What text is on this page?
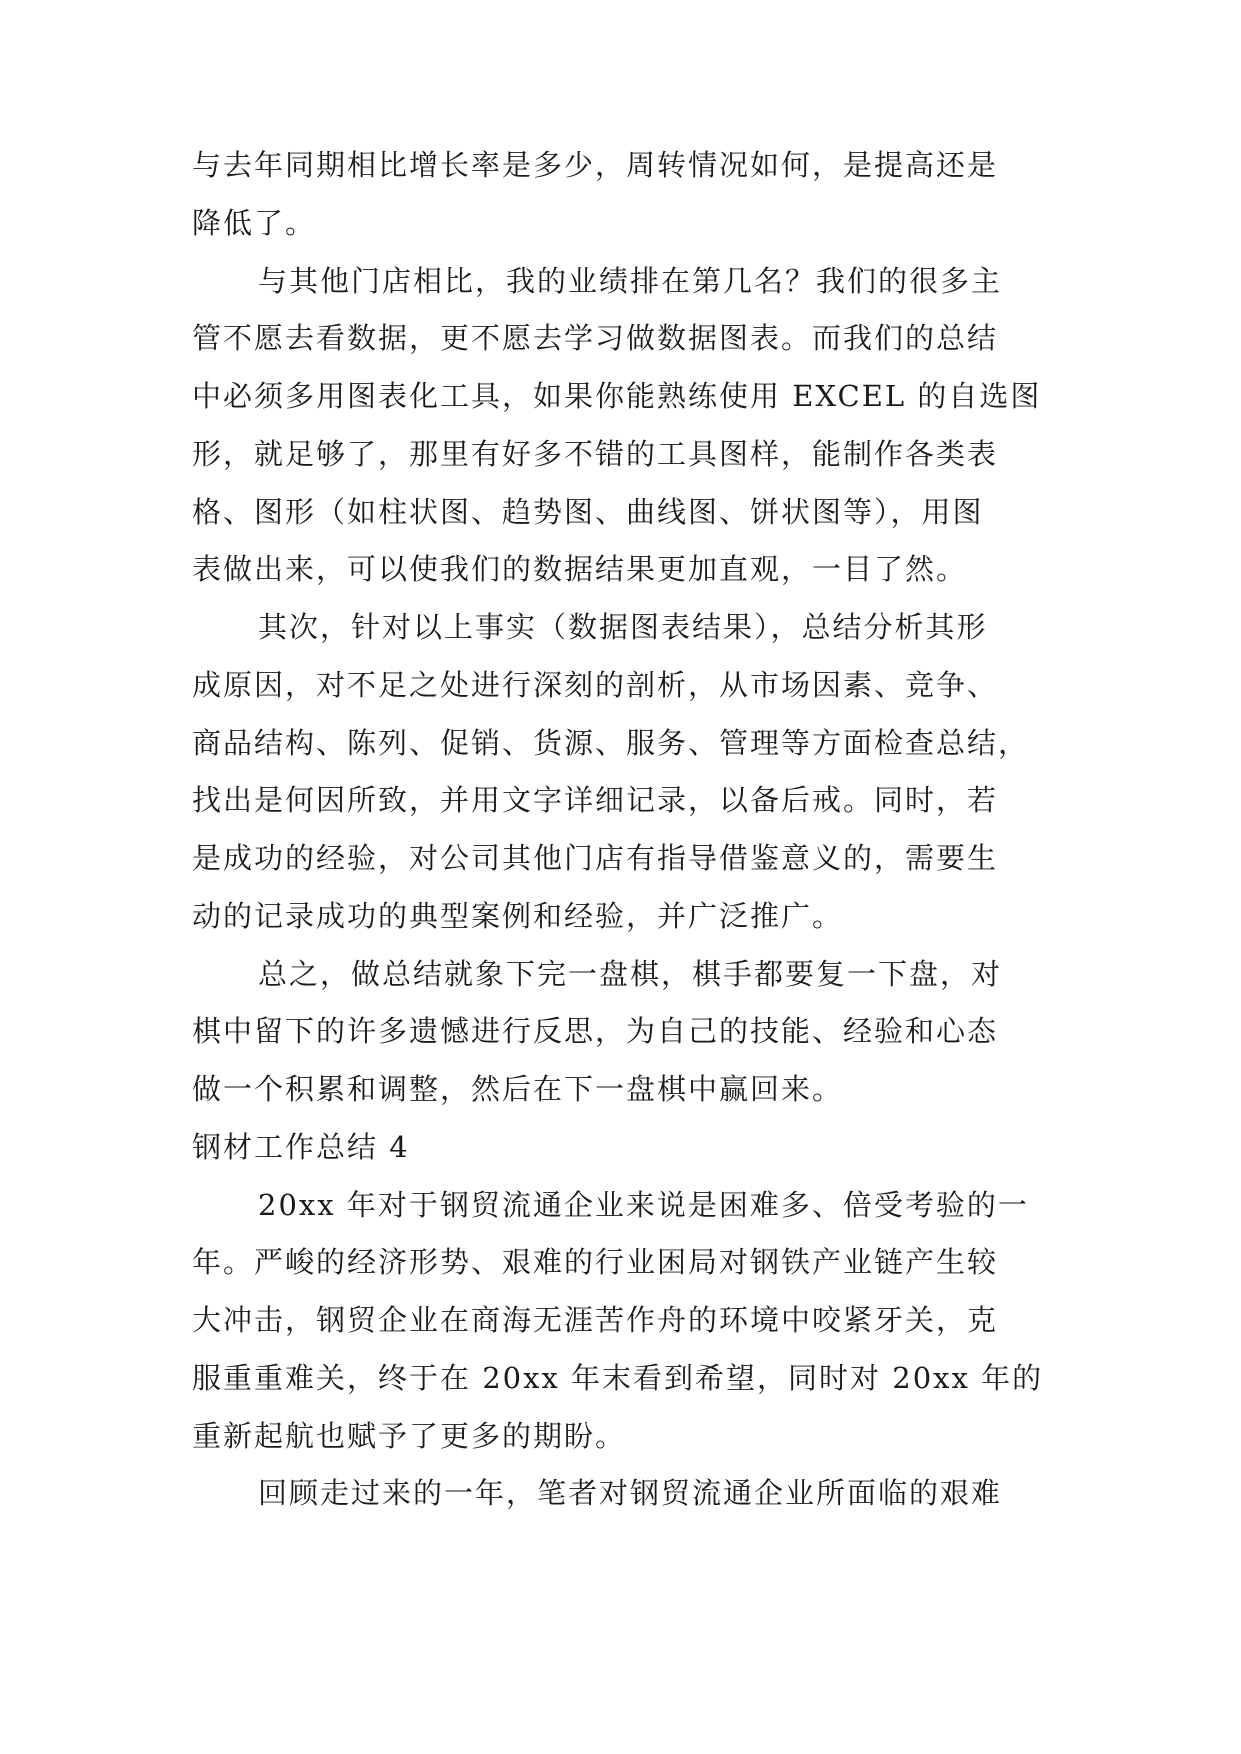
与去年同期相比增长率是多少，周转情况如何，是提高还是
降低了。
与其他门店相比，我的业绩排在第几名？我们的很多主
管不愿去看数据，更不愿去学习做数据图表。而我们的总结
中必须多用图表化工具，如果你能熟练使用 EXCEL 的自选图
形，就足够了，那里有好多不错的工具图样，能制作各类表
格、图形（如柱状图、趋势图、曲线图、饼状图等），用图
表做出来，可以使我们的数据结果更加直观，一目了然。
其次，针对以上事实（数据图表结果），总结分析其形
成原因，对不足之处进行深刻的剖析，从市场因素、竞争、
商品结构、陈列、促销、货源、服务、管理等方面检查总结，
找出是何因所致，并用文字详细记录，以备后戒。同时，若
是成功的经验，对公司其他门店有指导借鉴意义的，需要生
动的记录成功的典型案例和经验，并广泛推广。
总之，做总结就象下完一盘棋，棋手都要复一下盘，对
棋中留下的许多遗憾进行反思，为自己的技能、经验和心态
做一个积累和调整，然后在下一盘棋中赢回来。
钢材工作总结 4
20xx 年对于钢贸流通企业来说是困难多、倍受考验的一
年。严峻的经济形势、艰难的行业困局对钢铁产业链产生较
大冲击，钢贸企业在商海无涯苦作舟的环境中咬紧牙关，克
服重重难关，终于在 20xx 年末看到希望，同时对 20xx 年的
重新起航也赋予了更多的期盼。
回顾走过来的一年，笔者对钢贸流通企业所面临的艰难
